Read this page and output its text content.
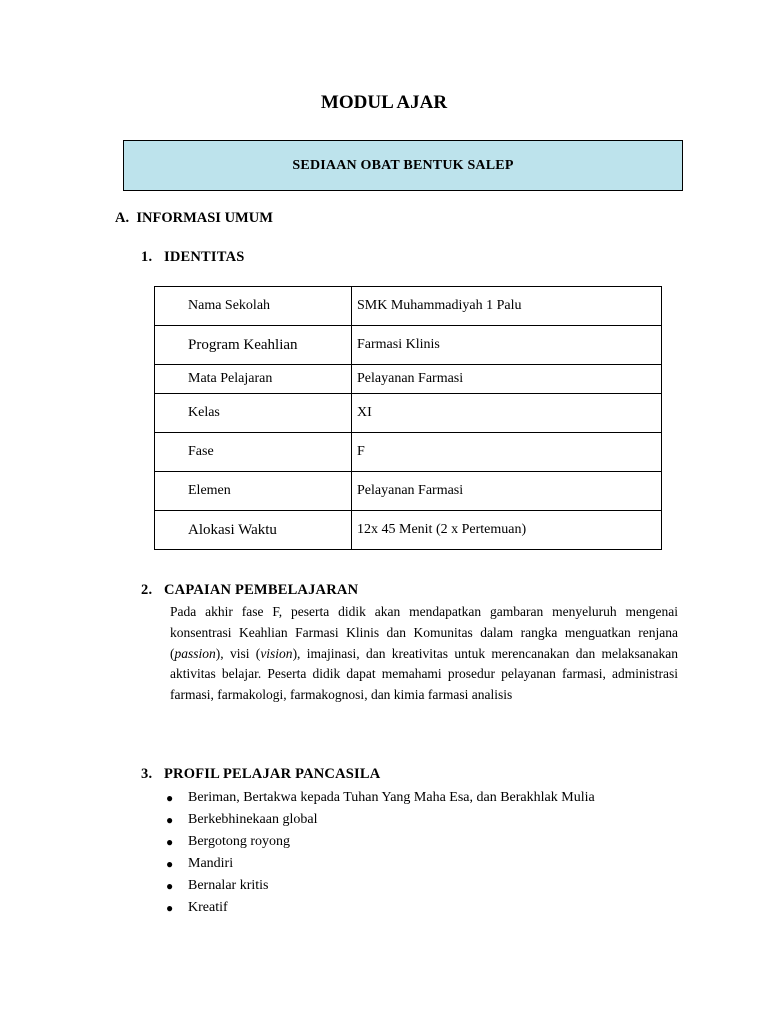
MODUL AJAR
SEDIAAN OBAT BENTUK SALEP
A. INFORMASI UMUM
1. IDENTITAS
Nama Sekolah	SMK Muhammadiyah 1 Palu
Program Keahlian	Farmasi Klinis
Mata Pelajaran	Pelayanan Farmasi
Kelas	XI
Fase	F
Elemen	Pelayanan Farmasi
Alokasi Waktu	12x 45 Menit (2 x Pertemuan)
2. CAPAIAN PEMBELAJARAN
Pada akhir fase F, peserta didik akan mendapatkan gambaran menyeluruh mengenai konsentrasi Keahlian Farmasi Klinis dan Komunitas dalam rangka menguatkan renjana (passion), visi (vision), imajinasi, dan kreativitas untuk merencanakan dan melaksanakan aktivitas belajar. Peserta didik dapat memahami prosedur pelayanan farmasi, administrasi farmasi, farmakologi, farmakognosi, dan kimia farmasi analisis
3. PROFIL PELAJAR PANCASILA
● Beriman, Bertakwa kepada Tuhan Yang Maha Esa, dan Berakhlak Mulia
● Berkebhinekaan global
● Bergotong royong
● Mandiri
● Bernalar kritis
● Kreatif
